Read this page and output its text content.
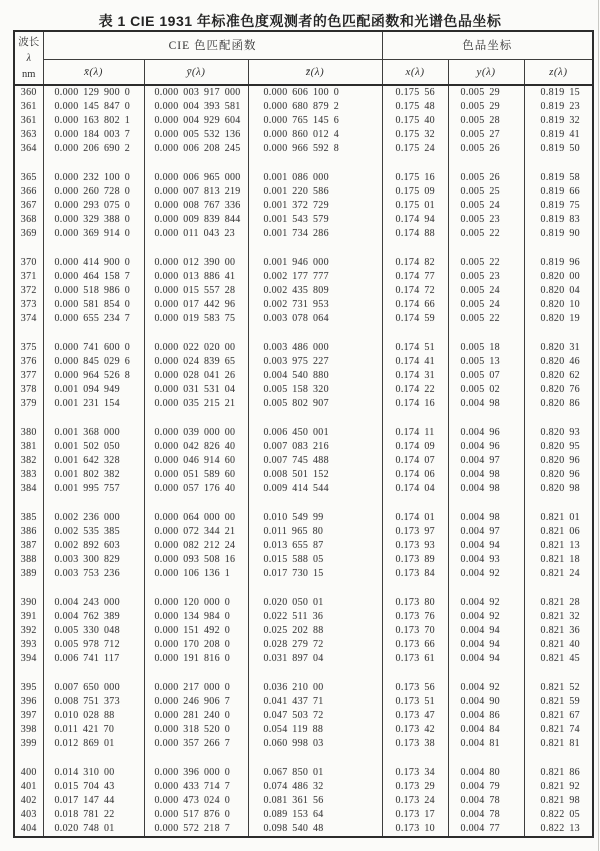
表 1 CIE 1931 年标准色度观测者的色匹配函数和光谱色品坐标
波长
λ
nm	CIE 色匹配函数			色品坐标		
	x̄(λ)	ȳ(λ)	z̄(λ)	x(λ)	y(λ)	z(λ)
360	0.000 129 900 0	0.000 003 917 000	0.000 606 100 0	0.175 56	0.005 29	0.819 15
361	0.000 145 847 0	0.000 004 393 581	0.000 680 879 2	0.175 48	0.005 29	0.819 23
361	0.000 163 802 1	0.000 004 929 604	0.000 765 145 6	0.175 40	0.005 28	0.819 32
363	0.000 184 003 7	0.000 005 532 136	0.000 860 012 4	0.175 32	0.005 27	0.819 41
364	0.000 206 690 2	0.000 006 208 245	0.000 966 592 8	0.175 24	0.005 26	0.819 50

365	0.000 232 100 0	0.000 006 965 000	0.001 086 000	0.175 16	0.005 26	0.819 58
366	0.000 260 728 0	0.000 007 813 219	0.001 220 586	0.175 09	0.005 25	0.819 66
367	0.000 293 075 0	0.000 008 767 336	0.001 372 729	0.175 01	0.005 24	0.819 75
368	0.000 329 388 0	0.000 009 839 844	0.001 543 579	0.174 94	0.005 23	0.819 83
369	0.000 369 914 0	0.000 011 043 23	0.001 734 286	0.174 88	0.005 22	0.819 90

370	0.000 414 900 0	0.000 012 390 00	0.001 946 000	0.174 82	0.005 22	0.819 96
371	0.000 464 158 7	0.000 013 886 41	0.002 177 777	0.174 77	0.005 23	0.820 00
372	0.000 518 986 0	0.000 015 557 28	0.002 435 809	0.174 72	0.005 24	0.820 04
373	0.000 581 854 0	0.000 017 442 96	0.002 731 953	0.174 66	0.005 24	0.820 10
374	0.000 655 234 7	0.000 019 583 75	0.003 078 064	0.174 59	0.005 22	0.820 19

375	0.000 741 600 0	0.000 022 020 00	0.003 486 000	0.174 51	0.005 18	0.820 31
376	0.000 845 029 6	0.000 024 839 65	0.003 975 227	0.174 41	0.005 13	0.820 46
377	0.000 964 526 8	0.000 028 041 26	0.004 540 880	0.174 31	0.005 07	0.820 62
378	0.001 094 949	0.000 031 531 04	0.005 158 320	0.174 22	0.005 02	0.820 76
379	0.001 231 154	0.000 035 215 21	0.005 802 907	0.174 16	0.004 98	0.820 86

380	0.001 368 000	0.000 039 000 00	0.006 450 001	0.174 11	0.004 96	0.820 93
381	0.001 502 050	0.000 042 826 40	0.007 083 216	0.174 09	0.004 96	0.820 95
382	0.001 642 328	0.000 046 914 60	0.007 745 488	0.174 07	0.004 97	0.820 96
383	0.001 802 382	0.000 051 589 60	0.008 501 152	0.174 06	0.004 98	0.820 96
384	0.001 995 757	0.000 057 176 40	0.009 414 544	0.174 04	0.004 98	0.820 98

385	0.002 236 000	0.000 064 000 00	0.010 549 99	0.174 01	0.004 98	0.821 01
386	0.002 535 385	0.000 072 344 21	0.011 965 80	0.173 97	0.004 97	0.821 06
387	0.002 892 603	0.000 082 212 24	0.013 655 87	0.173 93	0.004 94	0.821 13
388	0.003 300 829	0.000 093 508 16	0.015 588 05	0.173 89	0.004 93	0.821 18
389	0.003 753 236	0.000 106 136 1	0.017 730 15	0.173 84	0.004 92	0.821 24

390	0.004 243 000	0.000 120 000 0	0.020 050 01	0.173 80	0.004 92	0.821 28
391	0.004 762 389	0.000 134 984 0	0.022 511 36	0.173 76	0.004 92	0.821 32
392	0.005 330 048	0.000 151 492 0	0.025 202 88	0.173 70	0.004 94	0.821 36
393	0.005 978 712	0.000 170 208 0	0.028 279 72	0.173 66	0.004 94	0.821 40
394	0.006 741 117	0.000 191 816 0	0.031 897 04	0.173 61	0.004 94	0.821 45

395	0.007 650 000	0.000 217 000 0	0.036 210 00	0.173 56	0.004 92	0.821 52
396	0.008 751 373	0.000 246 906 7	0.041 437 71	0.173 51	0.004 90	0.821 59
397	0.010 028 88	0.000 281 240 0	0.047 503 72	0.173 47	0.004 86	0.821 67
398	0.011 421 70	0.000 318 520 0	0.054 119 88	0.173 42	0.004 84	0.821 74
399	0.012 869 01	0.000 357 266 7	0.060 998 03	0.173 38	0.004 81	0.821 81

400	0.014 310 00	0.000 396 000 0	0.067 850 01	0.173 34	0.004 80	0.821 86
401	0.015 704 43	0.000 433 714 7	0.074 486 32	0.173 29	0.004 79	0.821 92
402	0.017 147 44	0.000 473 024 0	0.081 361 56	0.173 24	0.004 78	0.821 98
403	0.018 781 22	0.000 517 876 0	0.089 153 64	0.173 17	0.004 78	0.822 05
404	0.020 748 01	0.000 572 218 7	0.098 540 48	0.173 10	0.004 77	0.822 13
